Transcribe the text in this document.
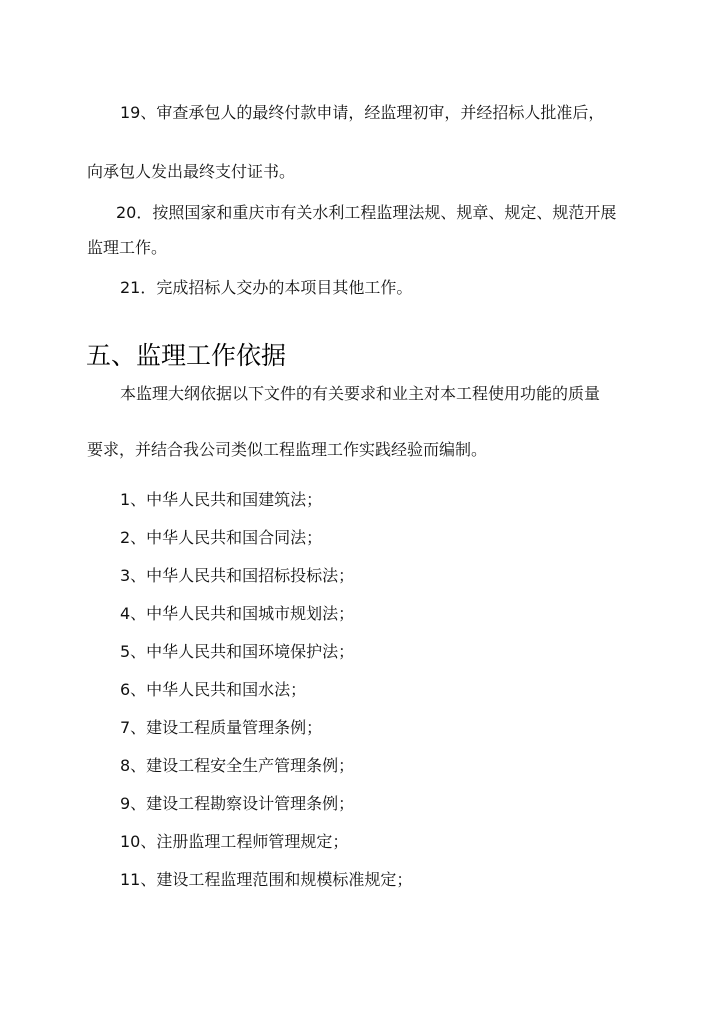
19、审查承包人的最终付款申请，经监理初审，并经招标人批准后，
向承包人发出最终支付证书。
20．按照国家和重庆市有关水利工程监理法规、规章、规定、规范开展
监理工作。
21．完成招标人交办的本项目其他工作。
五、监理工作依据
本监理大纲依据以下文件的有关要求和业主对本工程使用功能的质量
要求，并结合我公司类似工程监理工作实践经验而编制。
1、中华人民共和国建筑法；
2、中华人民共和国合同法；
3、中华人民共和国招标投标法；
4、中华人民共和国城市规划法；
5、中华人民共和国环境保护法；
6、中华人民共和国水法；
7、建设工程质量管理条例；
8、建设工程安全生产管理条例；
9、建设工程勘察设计管理条例；
10、注册监理工程师管理规定；
11、建设工程监理范围和规模标准规定；
